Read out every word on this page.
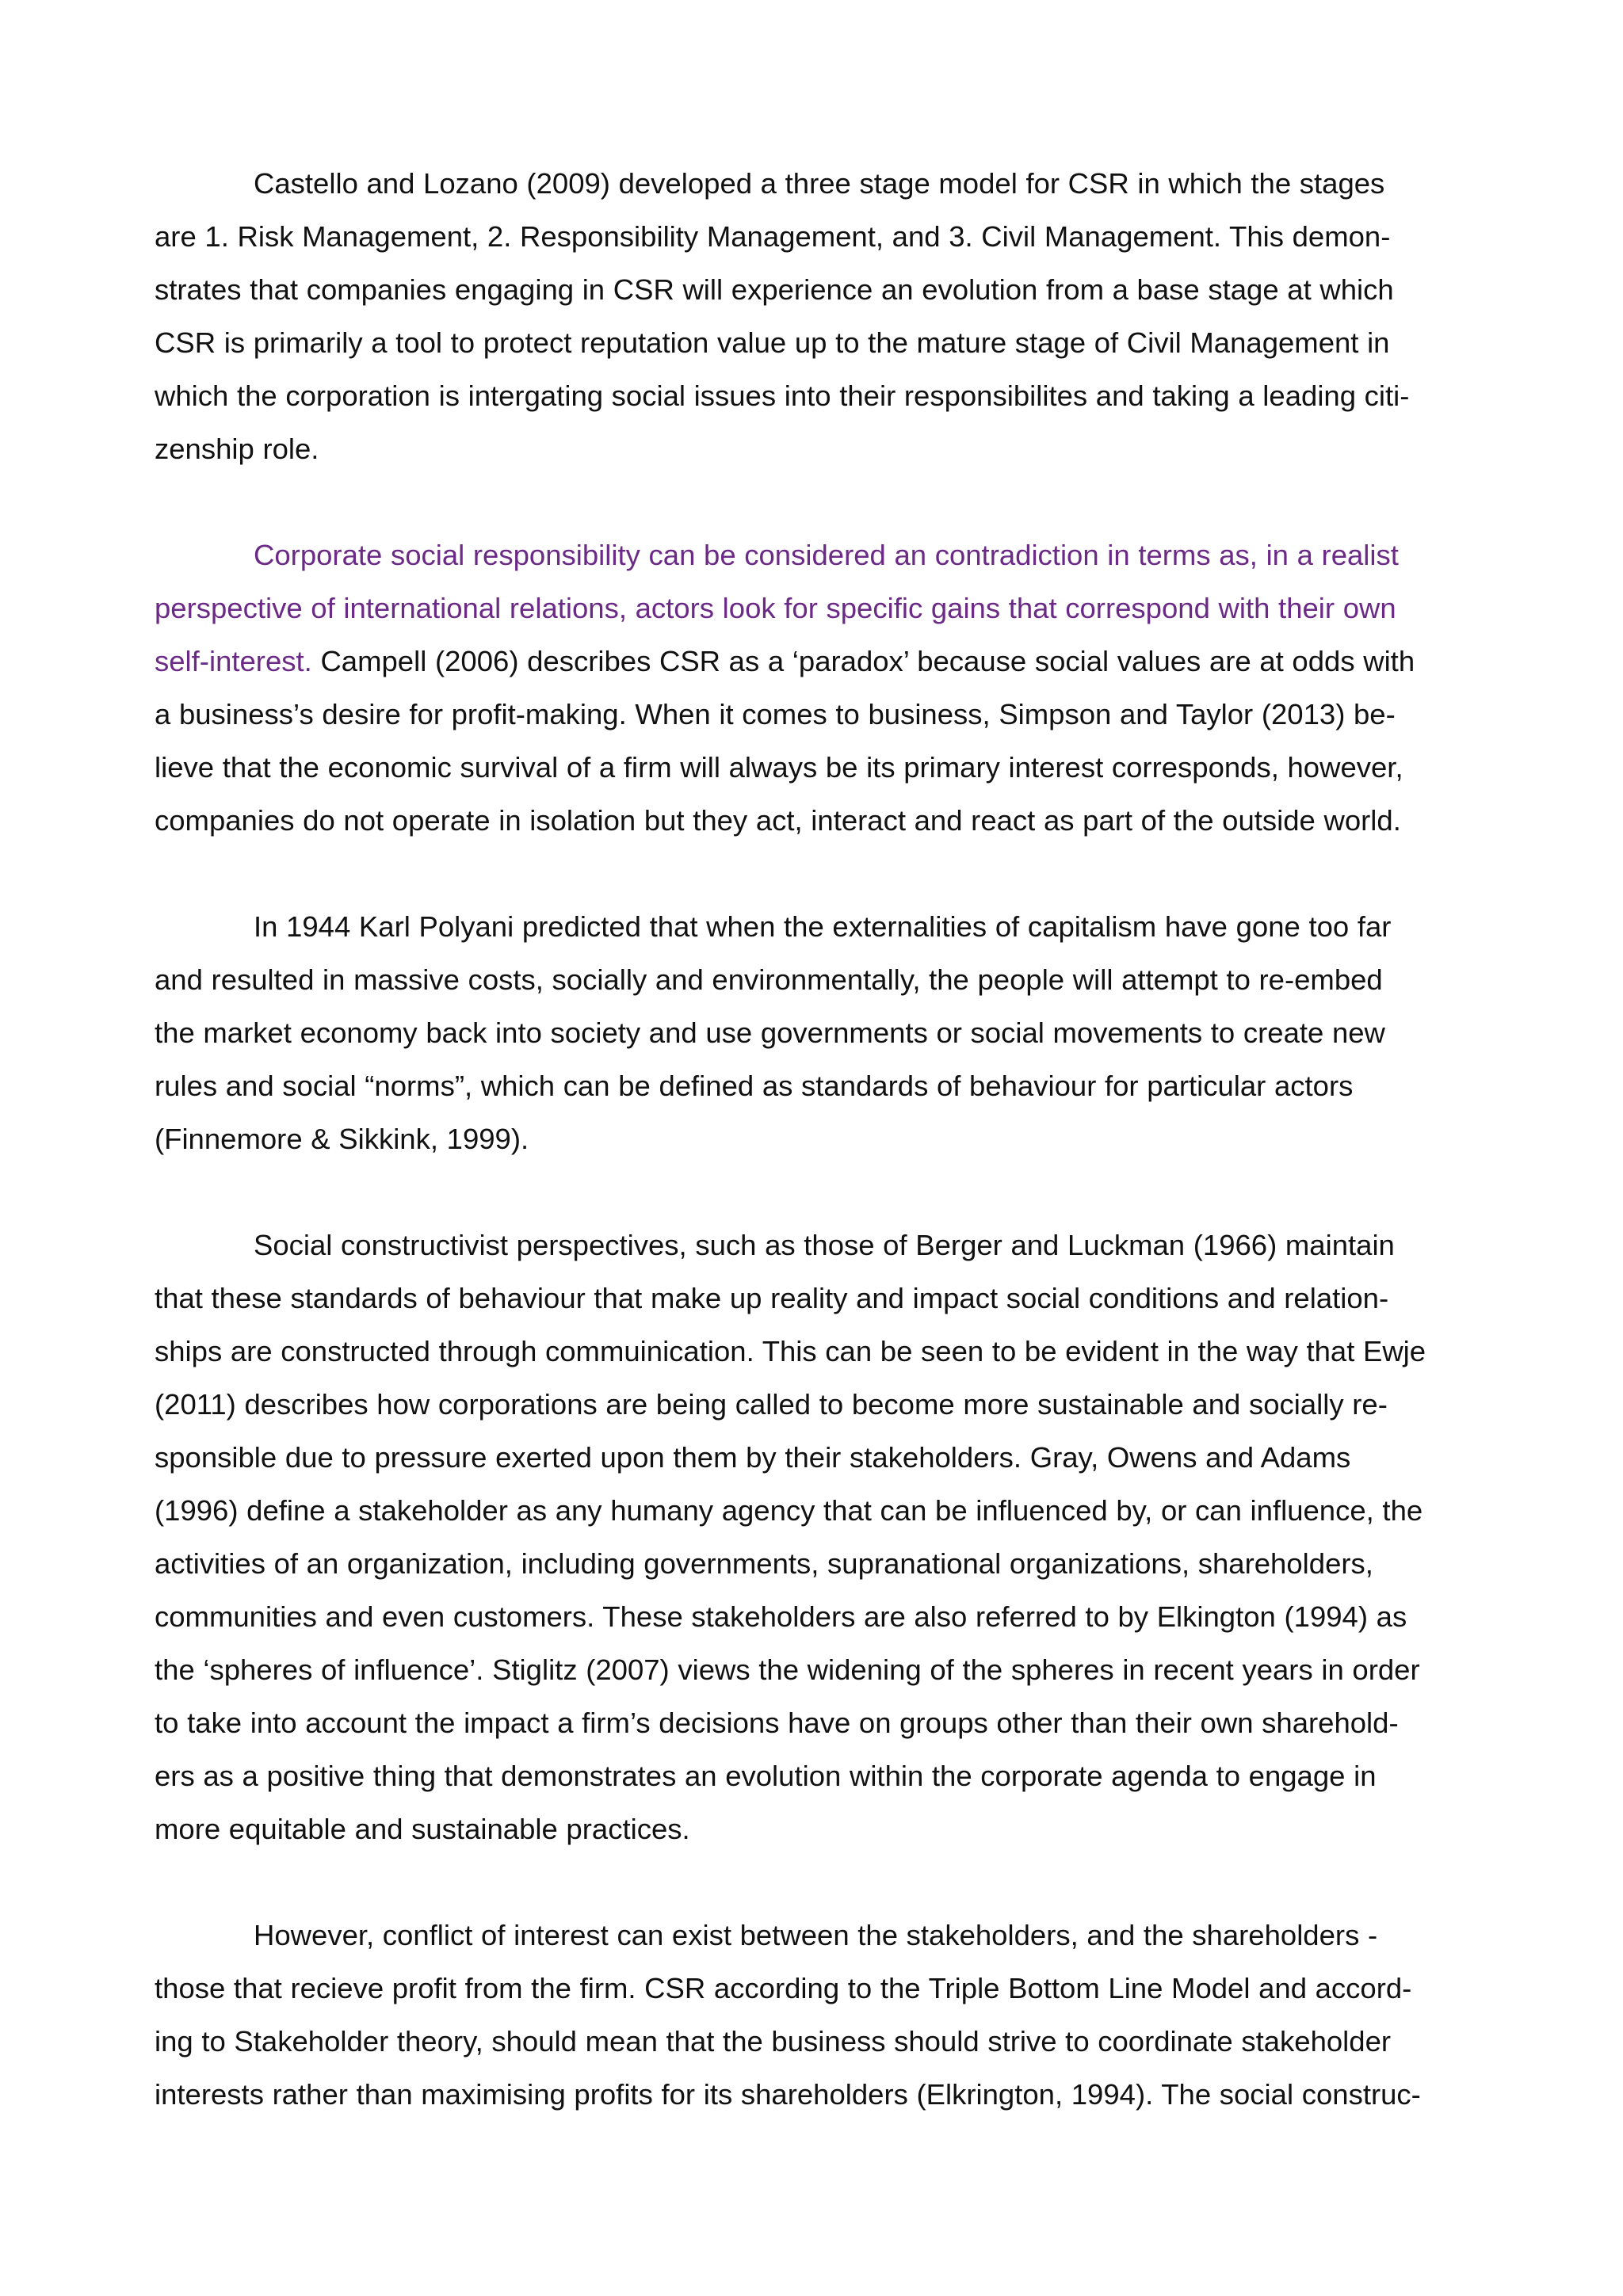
Castello and Lozano (2009) developed a three stage model for CSR in which the stages
are 1. Risk Management, 2. Responsibility Management, and 3. Civil Management. This demon-
strates that companies engaging in CSR will experience an evolution from a base stage at which
CSR is primarily a tool to protect reputation value up to the mature stage of Civil Management in
which the corporation is intergating social issues into their responsibilites and taking a leading citi-
zenship role.

Corporate social responsibility can be considered an contradiction in terms as, in a realist
perspective of international relations, actors look for specific gains that correspond with their own
self-interest. Campell (2006) describes CSR as a ‘paradox’ because social values are at odds with
a business’s desire for profit-making. When it comes to business, Simpson and Taylor (2013) be-
lieve that the economic survival of a firm will always be its primary interest corresponds, however,
companies do not operate in isolation but they act, interact and react as part of the outside world.

In 1944 Karl Polyani predicted that when the externalities of capitalism have gone too far
and resulted in massive costs, socially and environmentally, the people will attempt to re-embed
the market economy back into society and use governments or social movements to create new
rules and social “norms”, which can be defined as standards of behaviour for particular actors
(Finnemore & Sikkink, 1999).

Social constructivist perspectives, such as those of Berger and Luckman (1966) maintain
that these standards of behaviour that make up reality and impact social conditions and relation-
ships are constructed through commuinication. This can be seen to be evident in the way that Ewje
(2011) describes how corporations are being called to become more sustainable and socially re-
sponsible due to pressure exerted upon them by their stakeholders. Gray, Owens and Adams
(1996) define a stakeholder as any humany agency that can be influenced by, or can influence, the
activities of an organization, including governments, supranational organizations, shareholders,
communities and even customers. These stakeholders are also referred to by Elkington (1994) as
the ‘spheres of influence’. Stiglitz (2007) views the widening of the spheres in recent years in order
to take into account the impact a firm’s decisions have on groups other than their own sharehold-
ers as a positive thing that demonstrates an evolution within the corporate agenda to engage in
more equitable and sustainable practices.

However, conflict of interest can exist between the stakeholders, and the shareholders -
those that recieve profit from the firm. CSR according to the Triple Bottom Line Model and accord-
ing to Stakeholder theory, should mean that the business should strive to coordinate stakeholder
interests rather than maximising profits for its shareholders (Elkrington, 1994). The social construc-
